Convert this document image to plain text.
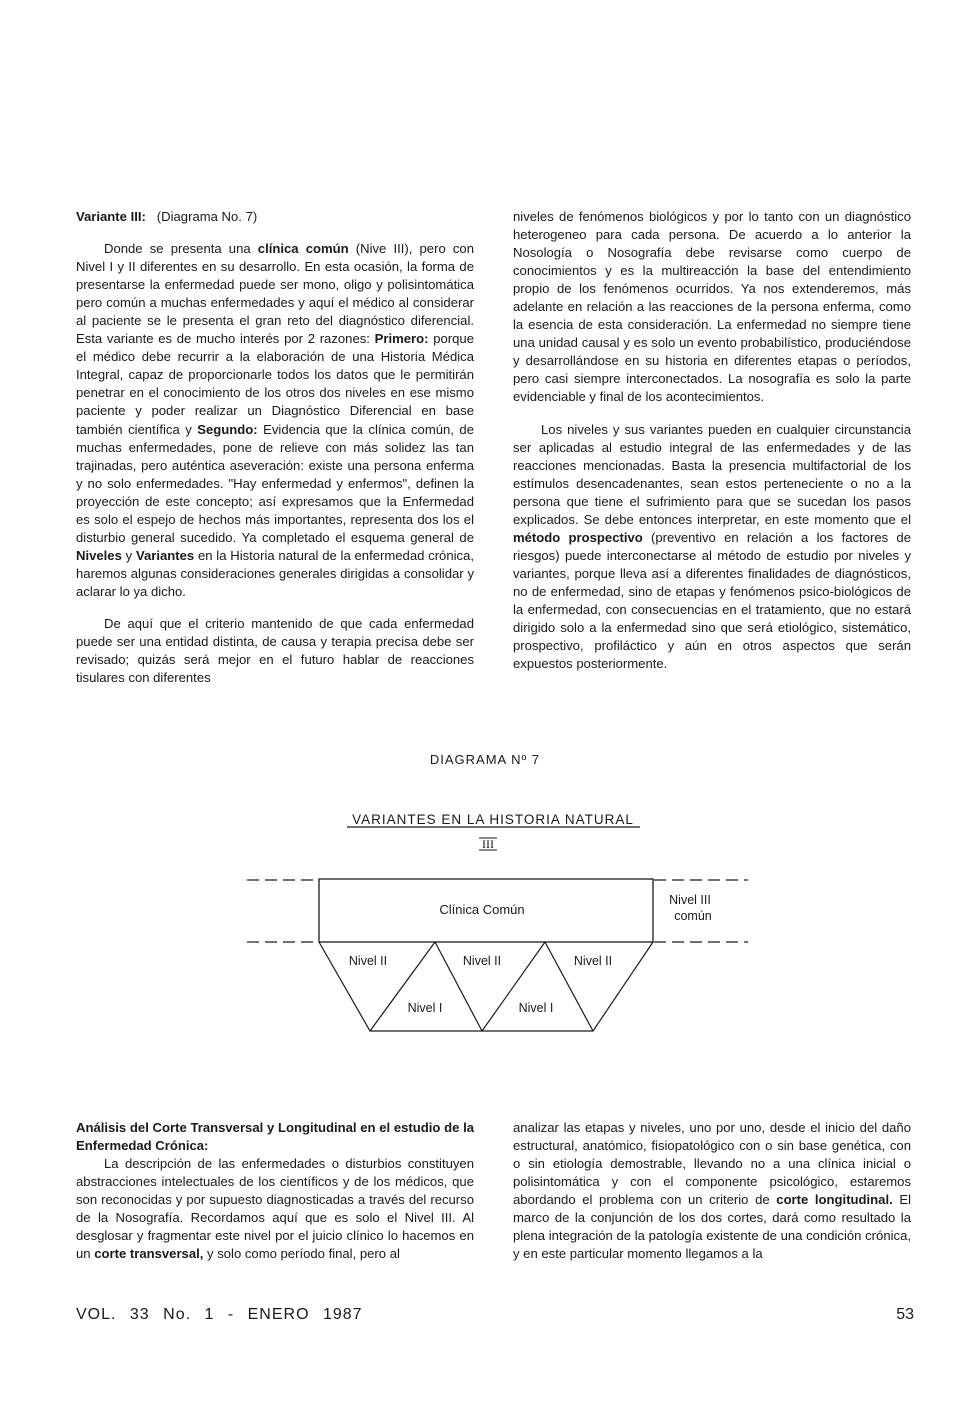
Variante III: (Diagrama No. 7)

Donde se presenta una clínica común (Nive III), pero con Nivel I y II diferentes en su desarrollo. En esta ocasión, la forma de presentarse la enfermedad puede ser mono, oligo y polisintomática pero común a muchas enfermedades y aquí el médico al considerar al paciente se le presenta el gran reto del diagnóstico diferencial. Esta variante es de mucho interés por 2 razones: Primero: porque el médico debe recurrir a la elaboración de una Historia Médica Integral, capaz de proporcionarle todos los datos que le permitirán penetrar en el conocimiento de los otros dos niveles en ese mismo paciente y poder realizar un Diagnóstico Diferencial en base también científica y Segundo: Evidencia que la clínica común, de muchas enfermedades, pone de relieve con más solidez las tan trajinadas, pero auténtica aseveración: existe una persona enferma y no solo enfermedades. "Hay enfermedad y enfermos", definen la proyección de este concepto; así expresamos que la Enfermedad es solo el espejo de hechos más importantes, representa dos los el disturbio general sucedido. Ya completado el esquema general de Niveles y Variantes en la Historia natural de la enfermedad crónica, haremos algunas consideraciones generales dirigidas a consolidar y aclarar lo ya dicho.

De aquí que el criterio mantenido de que cada enfermedad puede ser una entidad distinta, de causa y terapia precisa debe ser revisado; quizás será mejor en el futuro hablar de reacciones tisulares con diferentes

niveles de fenómenos biológicos y por lo tanto con un diagnóstico heterogeneo para cada persona. De acuerdo a lo anterior la Nosología o Nosografía debe revisarse como cuerpo de conocimientos y es la multireacción la base del entendimiento propio de los fenómenos ocurridos. Ya nos extenderemos, más adelante en relación a las reacciones de la persona enferma, como la esencia de esta consideración. La enfermedad no siempre tiene una unidad causal y es solo un evento probabilístico, produciéndose y desarrollándose en su historia en diferentes etapas o períodos, pero casi siempre interconectados. La nosografía es solo la parte evidenciable y final de los acontecimientos.

Los niveles y sus variantes pueden en cualquier circunstancia ser aplicadas al estudio integral de las enfermedades y de las reacciones mencionadas. Basta la presencia multifactorial de los estímulos desencadenantes, sean estos perteneciente o no a la persona que tiene el sufrimiento para que se sucedan los pasos explicados. Se debe entonces interpretar, en este momento que el método prospectivo (preventivo en relación a los factores de riesgos) puede interconectarse al método de estudio por niveles y variantes, porque lleva así a diferentes finalidades de diagnósticos, no de enfermedad, sino de etapas y fenómenos psico-biológicos de la enfermedad, con consecuencias en el tratamiento, que no estará dirigido solo a la enfermedad sino que será etiológico, sistemático, prospectivo, profiláctico y aún en otros aspectos que serán expuestos posteriormente.

DIAGRAMA Nº 7
VARIANTES EN LA HISTORIA NATURAL
III
Clínica Común
Nivel III
común
Nivel II	Nivel II	Nivel II
Nivel I	Nivel I

Análisis del Corte Transversal y Longitudinal en el estudio de la Enfermedad Crónica:

La descripción de las enfermedades o disturbios constituyen abstracciones intelectuales de los científicos y de los médicos, que son reconocidas y por supuesto diagnosticadas a través del recurso de la Nosografía. Recordamos aquí que es solo el Nivel III. Al desglosar y fragmentar este nivel por el juicio clínico lo hacemos en un corte transversal, y solo como período final, pero al

analizar las etapas y niveles, uno por uno, desde el inicio del daño estructural, anatómico, fisiopatológico con o sin base genética, con o sin etiología demostrable, llevando no a una clínica inicial o polisintomática y con el componente psicológico, estaremos abordando el problema con un criterio de corte longitudinal. El marco de la conjunción de los dos cortes, dará como resultado la plena integración de la patología existente de una condición crónica, y en este particular momento llegamos a la

VOL. 33 No. 1 - ENERO 1987	53
